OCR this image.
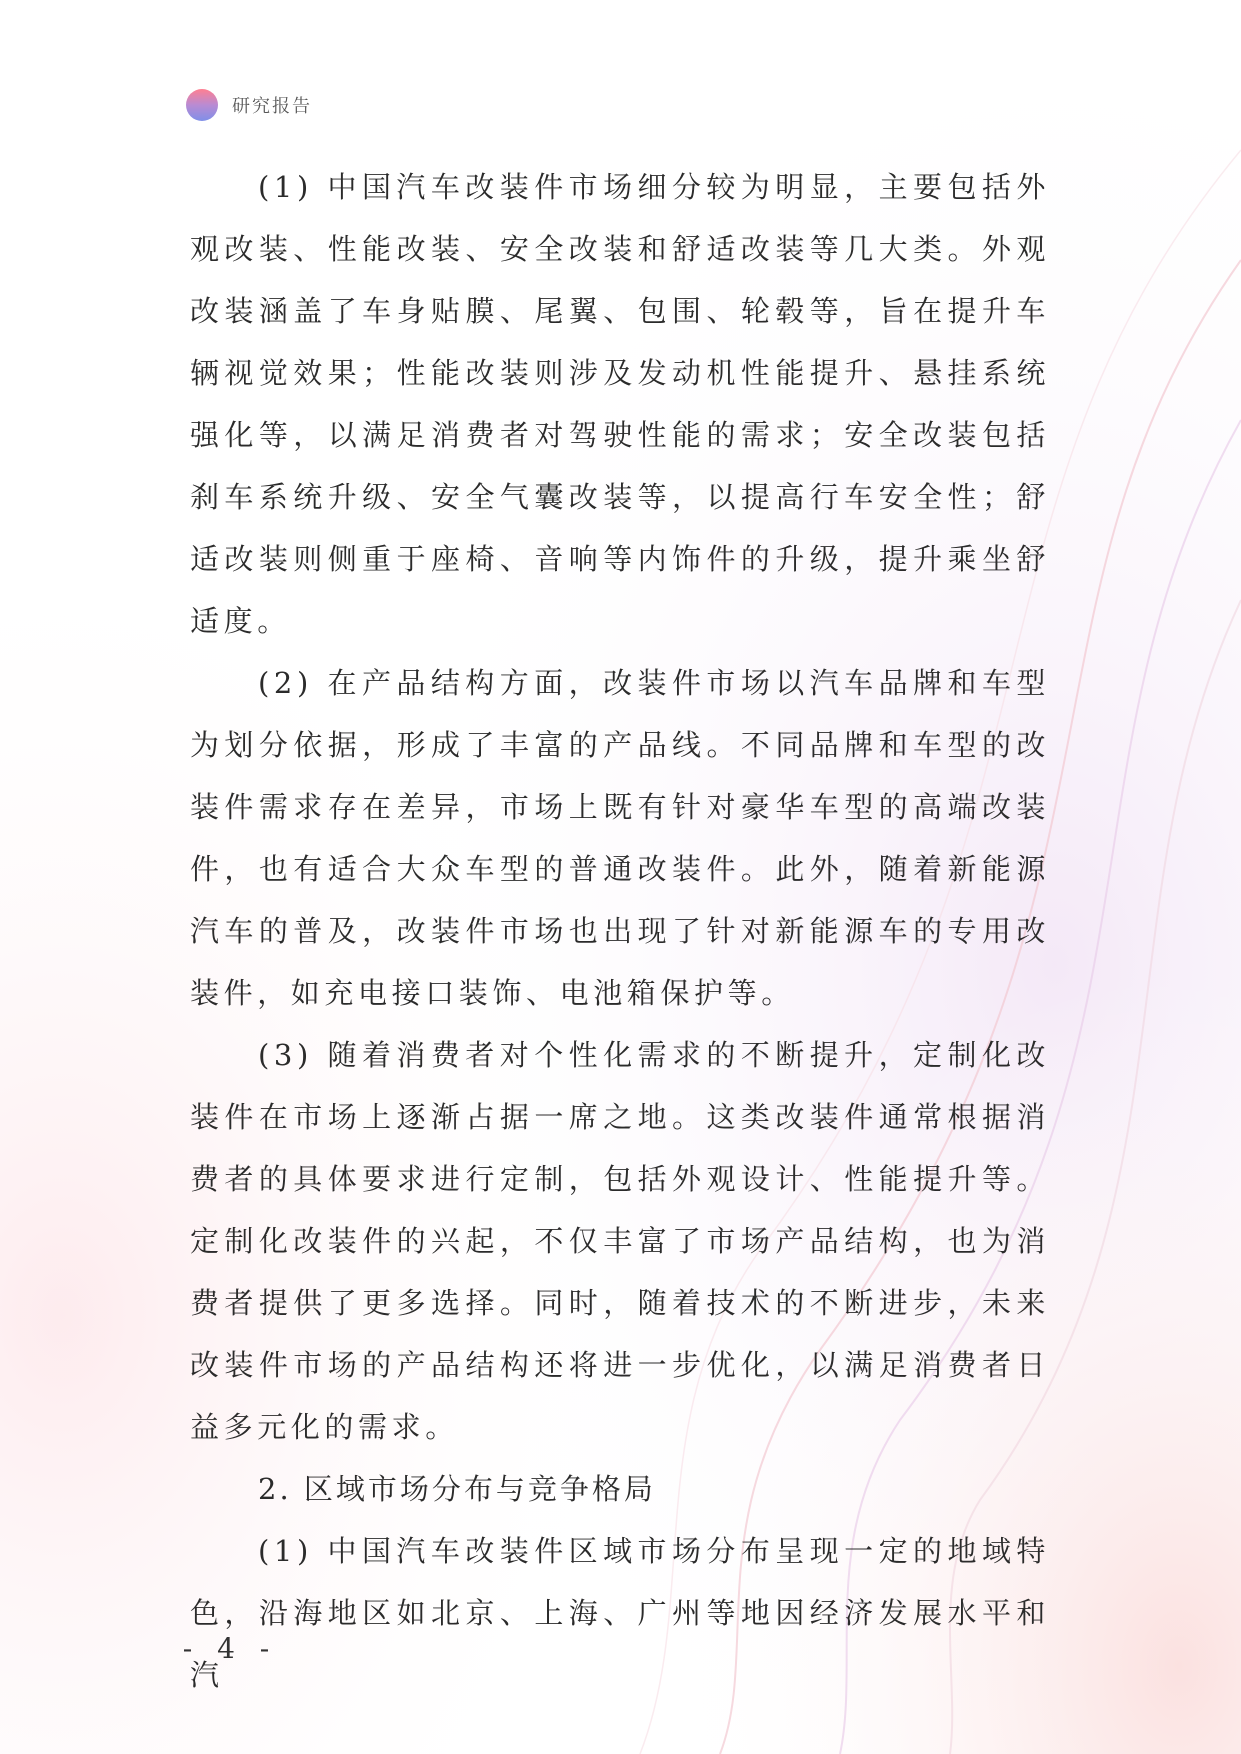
研究报告

(1) 中国汽车改装件市场细分较为明显，主要包括外观改装、性能改装、安全改装和舒适改装等几大类。外观改装涵盖了车身贴膜、尾翼、包围、轮毂等，旨在提升车辆视觉效果；性能改装则涉及发动机性能提升、悬挂系统强化等，以满足消费者对驾驶性能的需求；安全改装包括刹车系统升级、安全气囊改装等，以提高行车安全性；舒适改装则侧重于座椅、音响等内饰件的升级，提升乘坐舒适度。

(2) 在产品结构方面，改装件市场以汽车品牌和车型为划分依据，形成了丰富的产品线。不同品牌和车型的改装件需求存在差异，市场上既有针对豪华车型的高端改装件，也有适合大众车型的普通改装件。此外，随着新能源汽车的普及，改装件市场也出现了针对新能源车的专用改装件，如充电接口装饰、电池箱保护等。

(3) 随着消费者对个性化需求的不断提升，定制化改装件在市场上逐渐占据一席之地。这类改装件通常根据消费者的具体要求进行定制，包括外观设计、性能提升等。定制化改装件的兴起，不仅丰富了市场产品结构，也为消费者提供了更多选择。同时，随着技术的不断进步，未来改装件市场的产品结构还将进一步优化，以满足消费者日益多元化的需求。

2. 区域市场分布与竞争格局

(1) 中国汽车改装件区域市场分布呈现一定的地域特色，沿海地区如北京、上海、广州等地因经济发展水平和汽

- 4 -
